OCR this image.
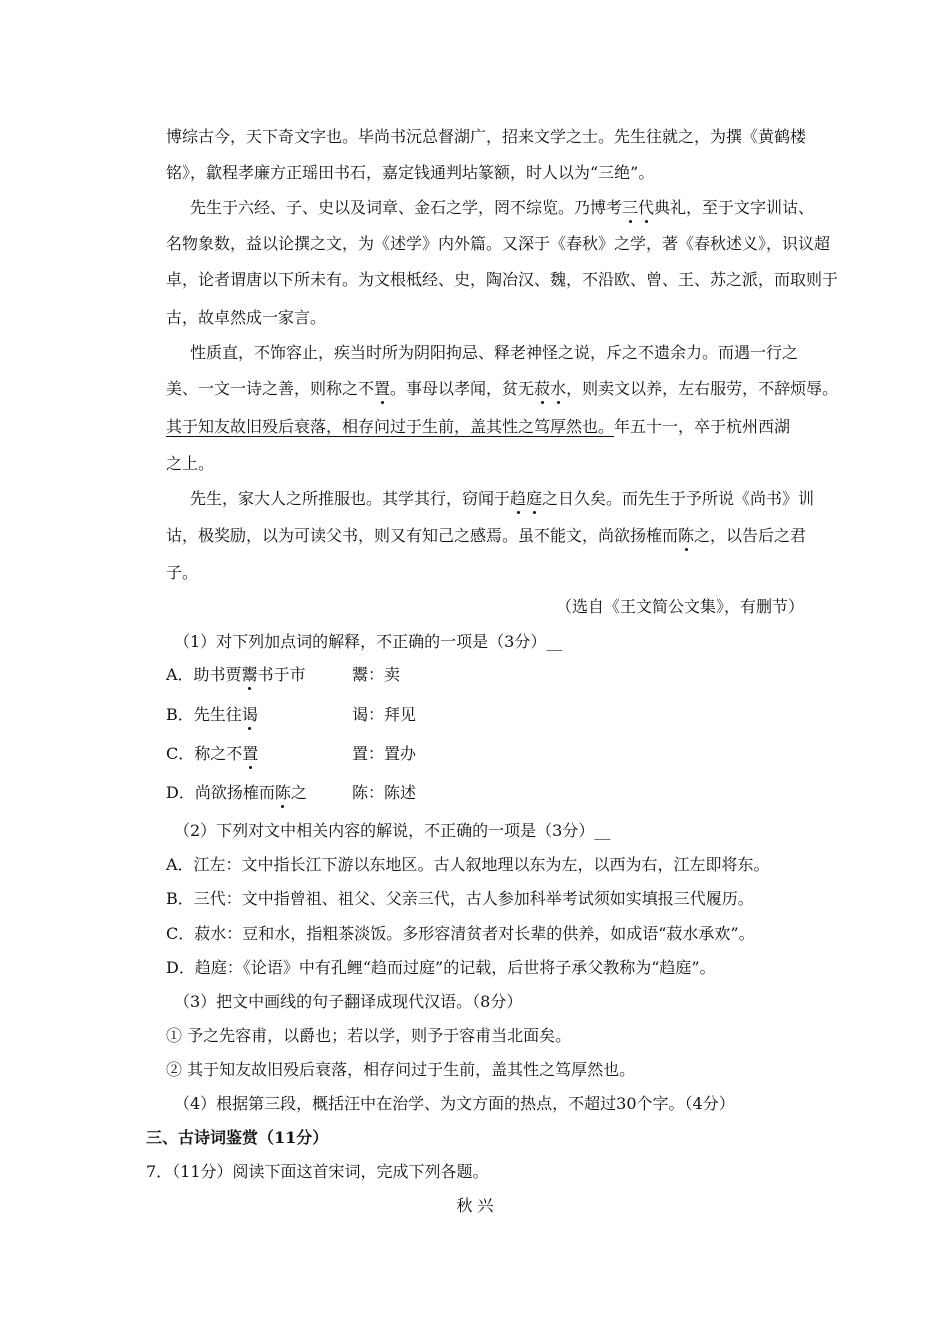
博综古今，天下奇文字也。毕尚书沅总督湖广，招来文学之士。先生往就之，为撰《黄鹤楼
铭》，歙程孝廉方正瑶田书石，嘉定钱通判坫篆额，时人以为“三绝”。
先生于六经、子、史以及词章、金石之学，罔不综览。乃博考三代典礼，至于文字训诂、
名物象数，益以论撰之文，为《述学》内外篇。又深于《春秋》之学，著《春秋述义》，识议超
卓，论者谓唐以下所未有。为文根柢经、史，陶冶汉、魏，不沿欧、曾、王、苏之派，而取则于
古，故卓然成一家言。
性质直，不饰容止，疾当时所为阴阳拘忌、释老神怪之说，斥之不遗余力。而遇一行之
美、一文一诗之善，则称之不置。事母以孝闻，贫无菽水，则卖文以养，左右服劳，不辞烦辱。
其于知友故旧殁后衰落，相存问过于生前，盖其性之笃厚然也。年五十一，卒于杭州西湖
之上。
先生，家大人之所推服也。其学其行，窃闻于趋庭之日久矣。而先生于予所说《尚书》训
诂，极奖励，以为可读父书，则又有知己之感焉。虽不能文，尚欲扬榷而陈之，以告后之君
子。
（选自《王文简公文集》，有删节）
（1）对下列加点词的解释，不正确的一项是（3分）__
A．助书贾鬻书于市	鬻：卖
B．先生往谒	谒：拜见
C．称之不置	置：置办
D．尚欲扬榷而陈之	陈：陈述
（2）下列对文中相关内容的解说，不正确的一项是（3分）__
A．江左：文中指长江下游以东地区。古人叙地理以东为左，以西为右，江左即将东。
B．三代：文中指曾祖、祖父、父亲三代，古人参加科举考试须如实填报三代履历。
C．菽水：豆和水，指粗茶淡饭。多形容清贫者对长辈的供养，如成语“菽水承欢”。
D．趋庭：《论语》中有孔鲤“趋而过庭”的记载，后世将子承父教称为“趋庭”。
（3）把文中画线的句子翻译成现代汉语。（8分）
① 予之先容甫，以爵也；若以学，则予于容甫当北面矣。
② 其于知友故旧殁后衰落，相存问过于生前，盖其性之笃厚然也。
（4）根据第三段，概括汪中在治学、为文方面的热点，不超过30个字。（4分）
三、古诗词鉴赏（11分）
7．（11分）阅读下面这首宋词，完成下列各题。
秋 兴
